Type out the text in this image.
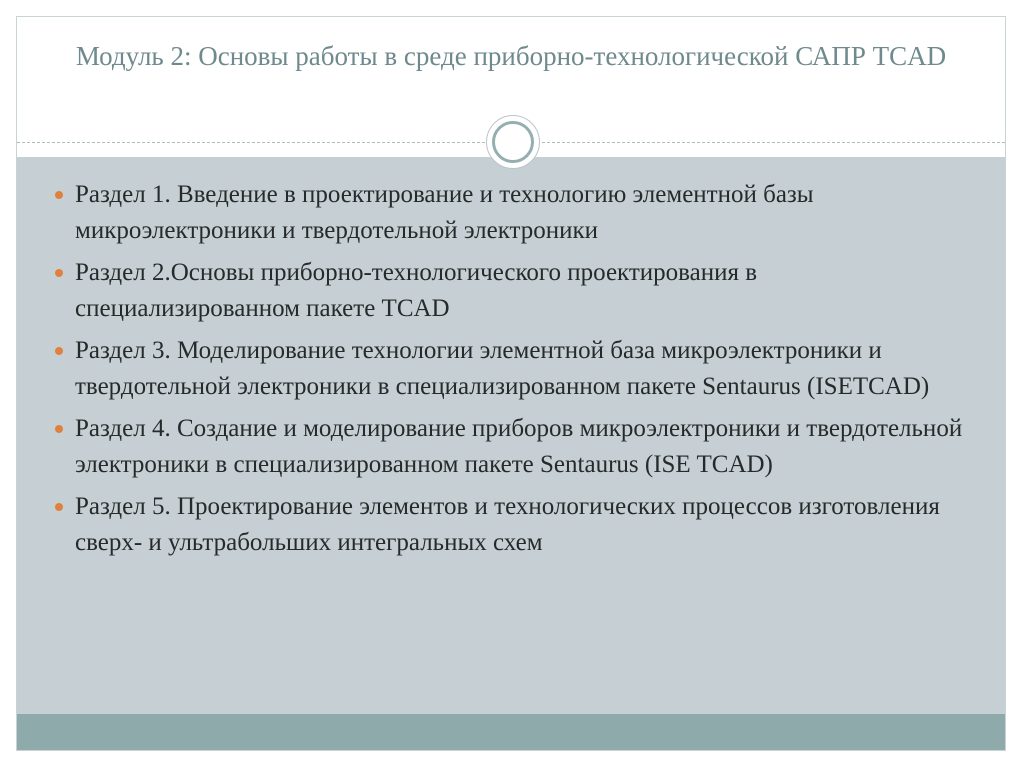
Модуль 2: Основы работы в среде приборно-технологической САПР TCAD
Раздел 1. Введение в проектирование и технологию элементной базы микроэлектроники и твердотельной электроники
Раздел 2.Основы приборно-технологического проектирования в специализированном пакете TCAD
Раздел 3. Моделирование технологии элементной база микроэлектроники и твердотельной электроники в специализированном пакете Sentaurus (ISETCAD)
Раздел 4. Создание и моделирование приборов микроэлектроники и твердотельной электроники в специализированном пакете Sentaurus (ISE TCAD)
Раздел 5. Проектирование элементов и технологических процессов изготовления сверх- и ультрабольших интегральных схем
